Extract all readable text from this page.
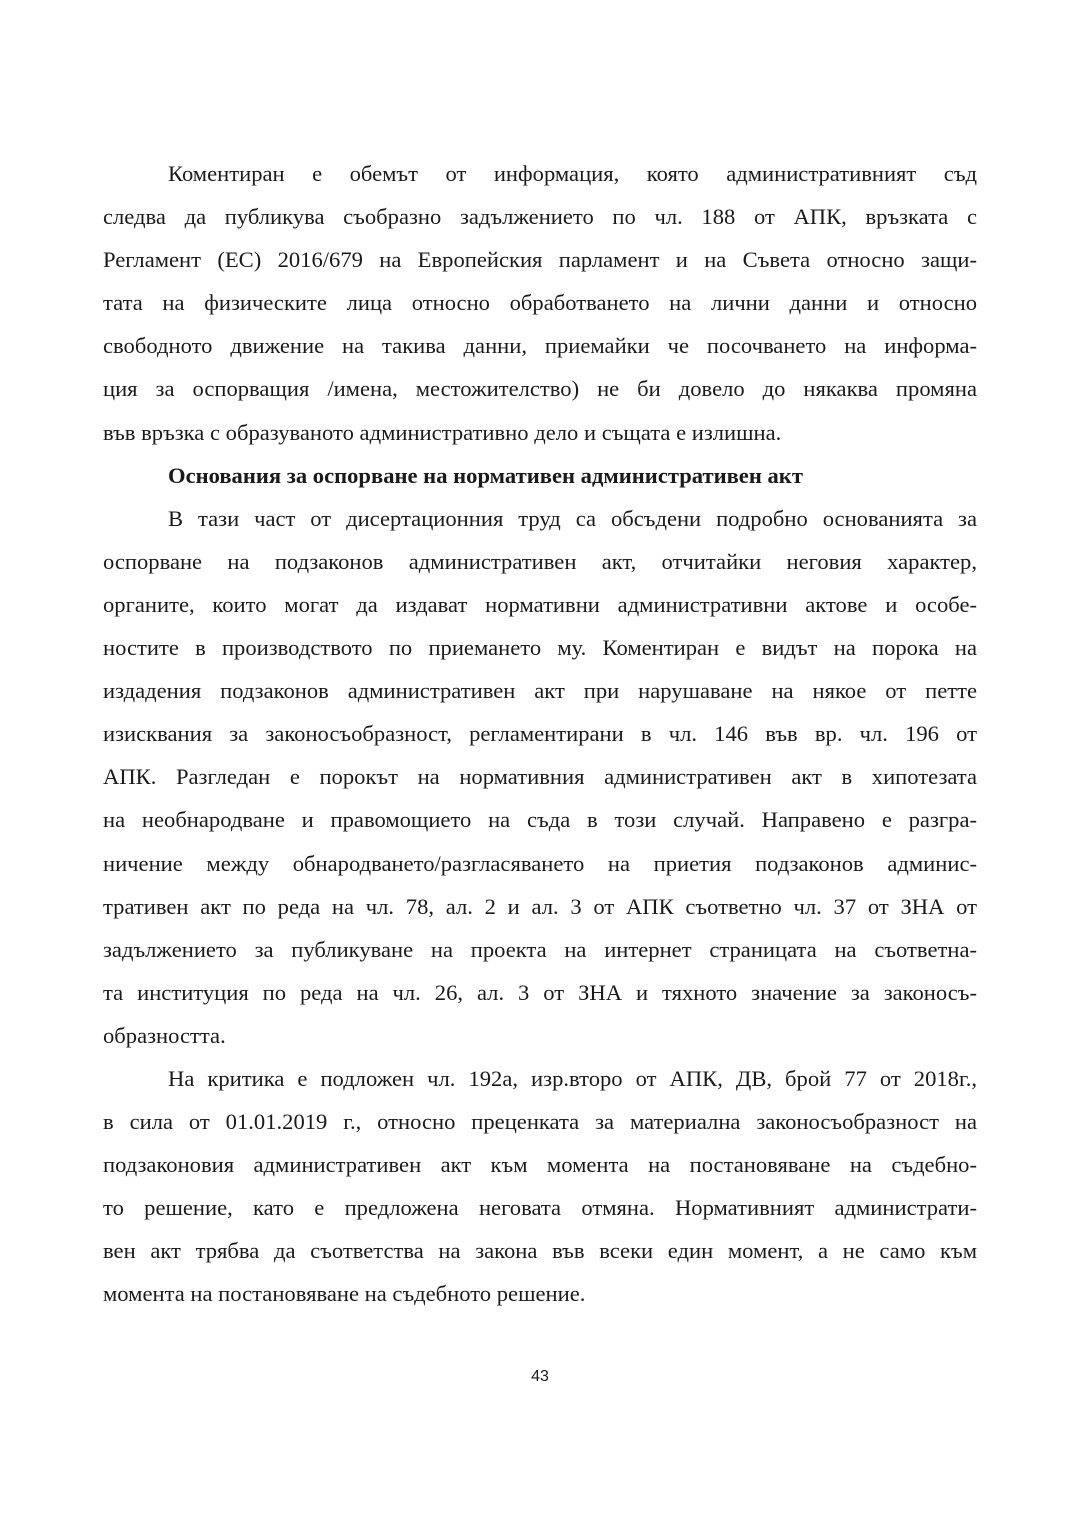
Коментиран е обемът от информация, която административният съд
следва да публикува съобразно задължението по чл. 188 от АПК, връзката с
Регламент (ЕС) 2016/679 на Европейския парламент и на Съвета относно защи-
тата на физическите лица относно обработването на лични данни и относно
свободното движение на такива данни, приемайки че посочването на информа-
ция за оспорващия /имена, местожителство) не би довело до някаква промяна
във връзка с образуваното административно дело и същата е излишна.
Основания за оспорване на нормативен административен акт
В тази част от дисертационния труд са обсъдени подробно основанията за
оспорване на подзаконов административен акт, отчитайки неговия характер,
органите, които могат да издават нормативни административни актове и особе-
ностите в производството по приемането му. Коментиран е видът на порока на
издадения подзаконов административен акт при нарушаване на някое от петте
изисквания за законосъобразност, регламентирани в чл. 146 във вр. чл. 196 от
АПК. Разгледан е порокът на нормативния административен акт в хипотезата
на необнародване и правомощието на съда в този случай. Направено е разгра-
ничение между обнародването/разгласяването на приетия подзаконов админис-
тративен акт по реда на чл. 78, ал. 2 и ал. 3 от АПК съответно чл. 37 от ЗНА от
задължението за публикуване на проекта на интернет страницата на съответна-
та институция по реда на чл. 26, ал. 3 от ЗНА и тяхното значение за законосъ-
образността.
На критика е подложен чл. 192а, изр.второ от АПК, ДВ, брой 77 от 2018г.,
в сила от 01.01.2019 г., относно преценката за материална законосъобразност на
подзаконовия административен акт към момента на постановяване на съдебно-
то решение, като е предложена неговата отмяна. Нормативният администрати-
вен акт трябва да съответства на закона във всеки един момент, а не само към
момента на постановяване на съдебното решение.
43
